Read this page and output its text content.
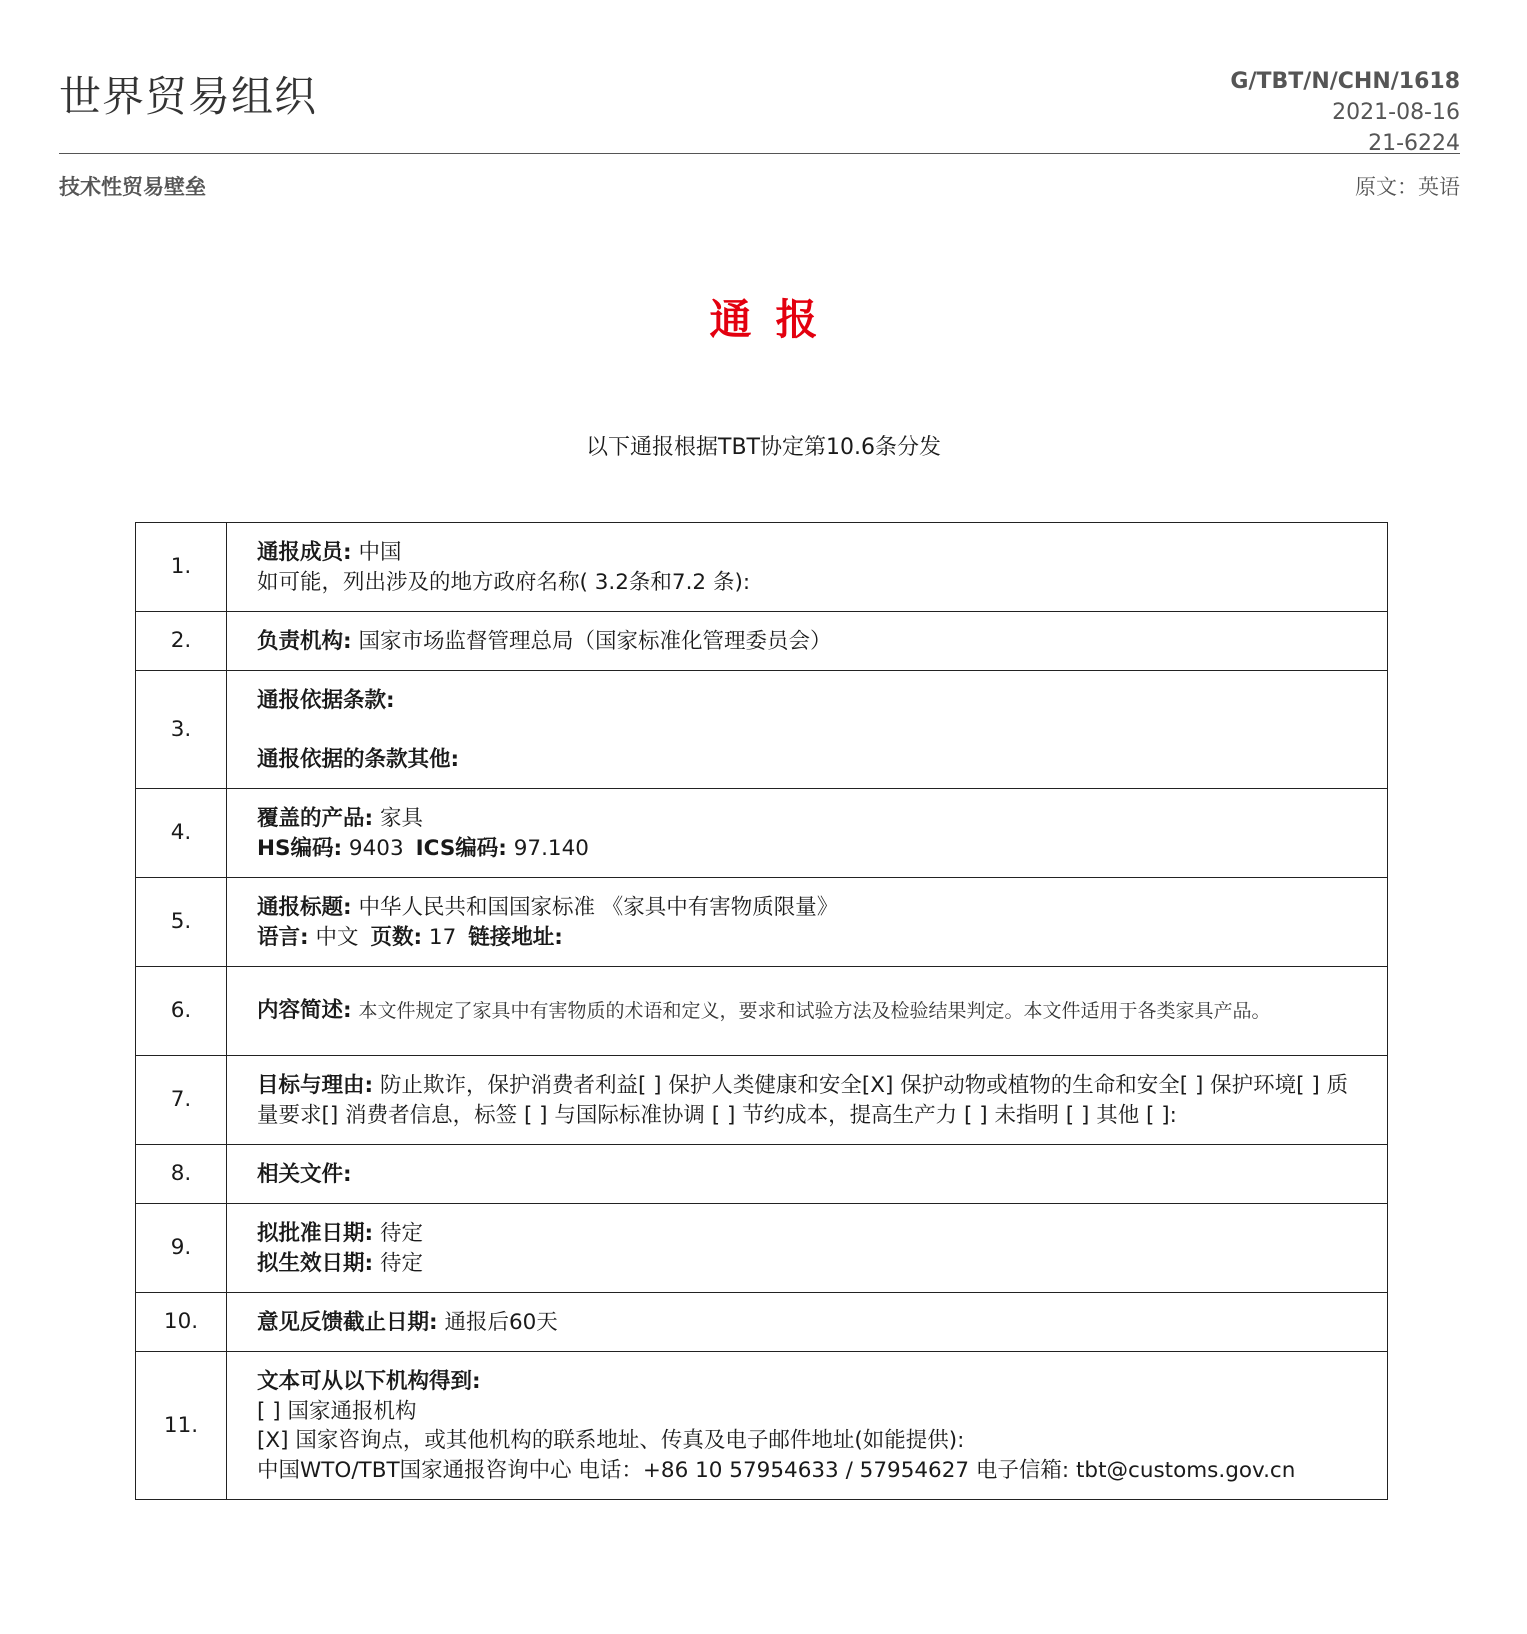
世界贸易组织	G/TBT/N/CHN/1618
2021-08-16
21-6224
技术性贸易壁垒	原文：英语
通报
以下通报根据TBT协定第10.6条分发
1.	通报成员: 中国
如可能，列出涉及的地方政府名称( 3.2条和7.2 条):

2.	负责机构: 国家市场监督管理总局（国家标准化管理委员会）

3.	通报依据条款:
通报依据的条款其他:

4.	覆盖的产品: 家具
HS编码: 9403 ICS编码: 97.140

5.	通报标题: 中华人民共和国国家标准 《家具中有害物质限量》
语言: 中文 页数: 17 链接地址:

6.	内容简述: 本文件规定了家具中有害物质的术语和定义，要求和试验方法及检验结果判定。本文件适用于各类家具产品。

7.	目标与理由: 防止欺诈，保护消费者利益[ ] 保护人类健康和安全[X] 保护动物或植物的生命和安全[ ] 保护环境[ ] 质量要求[] 消费者信息，标签 [ ] 与国际标准协调 [ ] 节约成本，提高生产力 [ ] 未指明 [ ] 其他 [ ]:

8.	相关文件:

9.	拟批准日期: 待定
拟生效日期: 待定

10.	意见反馈截止日期: 通报后60天

11.	文本可从以下机构得到:
[ ] 国家通报机构
[X] 国家咨询点，或其他机构的联系地址、传真及电子邮件地址(如能提供):
中国WTO/TBT国家通报咨询中心 电话：+86 10 57954633 / 57954627 电子信箱: tbt@customs.gov.cn
